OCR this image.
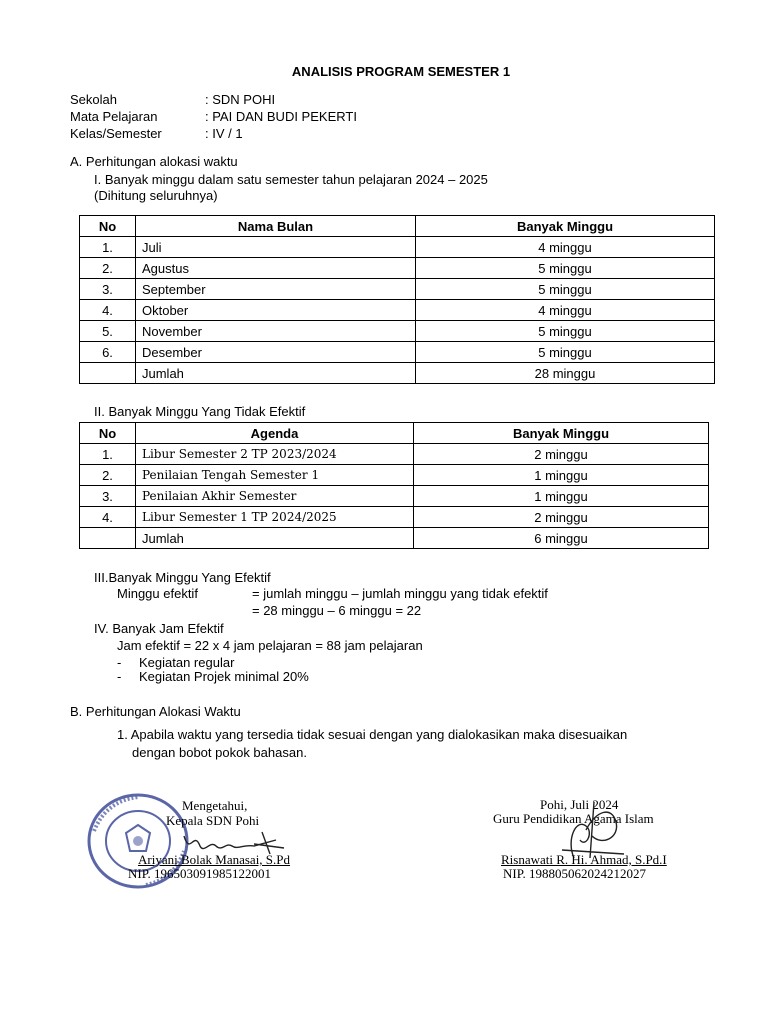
ANALISIS PROGRAM SEMESTER 1
Sekolah	: SDN POHI
Mata Pelajaran	: PAI DAN BUDI PEKERTI
Kelas/Semester	: IV / 1
A. Perhitungan alokasi waktu
I. Banyak minggu dalam satu semester tahun pelajaran 2024 – 2025
(Dihitung seluruhnya)
No	Nama Bulan	Banyak Minggu
1.	Juli	4 minggu
2.	Agustus	5 minggu
3.	September	5 minggu
4.	Oktober	4 minggu
5.	November	5 minggu
6.	Desember	5 minggu
	Jumlah	28 minggu
II. Banyak Minggu Yang Tidak Efektif
No	Agenda	Banyak Minggu
1.	Libur Semester 2 TP 2023/2024	2 minggu
2.	Penilaian Tengah Semester 1	1 minggu
3.	Penilaian Akhir Semester	1 minggu
4.	Libur Semester 1 TP 2024/2025	2 minggu
	Jumlah	6 minggu
III.Banyak Minggu Yang Efektif
Minggu efektif	= jumlah minggu – jumlah minggu yang tidak efektif
= 28 minggu – 6 minggu = 22
IV. Banyak Jam Efektif
Jam efektif = 22 x 4 jam pelajaran = 88 jam pelajaran
- Kegiatan regular
- Kegiatan Projek minimal 20%
B. Perhitungan Alokasi Waktu
1. Apabila waktu yang tersedia tidak sesuai dengan yang dialokasikan maka disesuaikan
dengan bobot pokok bahasan.
Mengetahui,
Kepala SDN Pohi
Ariyani Bolak Manasai, S.Pd
NIP. 196503091985122001
Pohi, Juli 2024
Guru Pendidikan Agama Islam
Risnawati R. Hi. Ahmad, S.Pd.I
NIP. 198805062024212027
